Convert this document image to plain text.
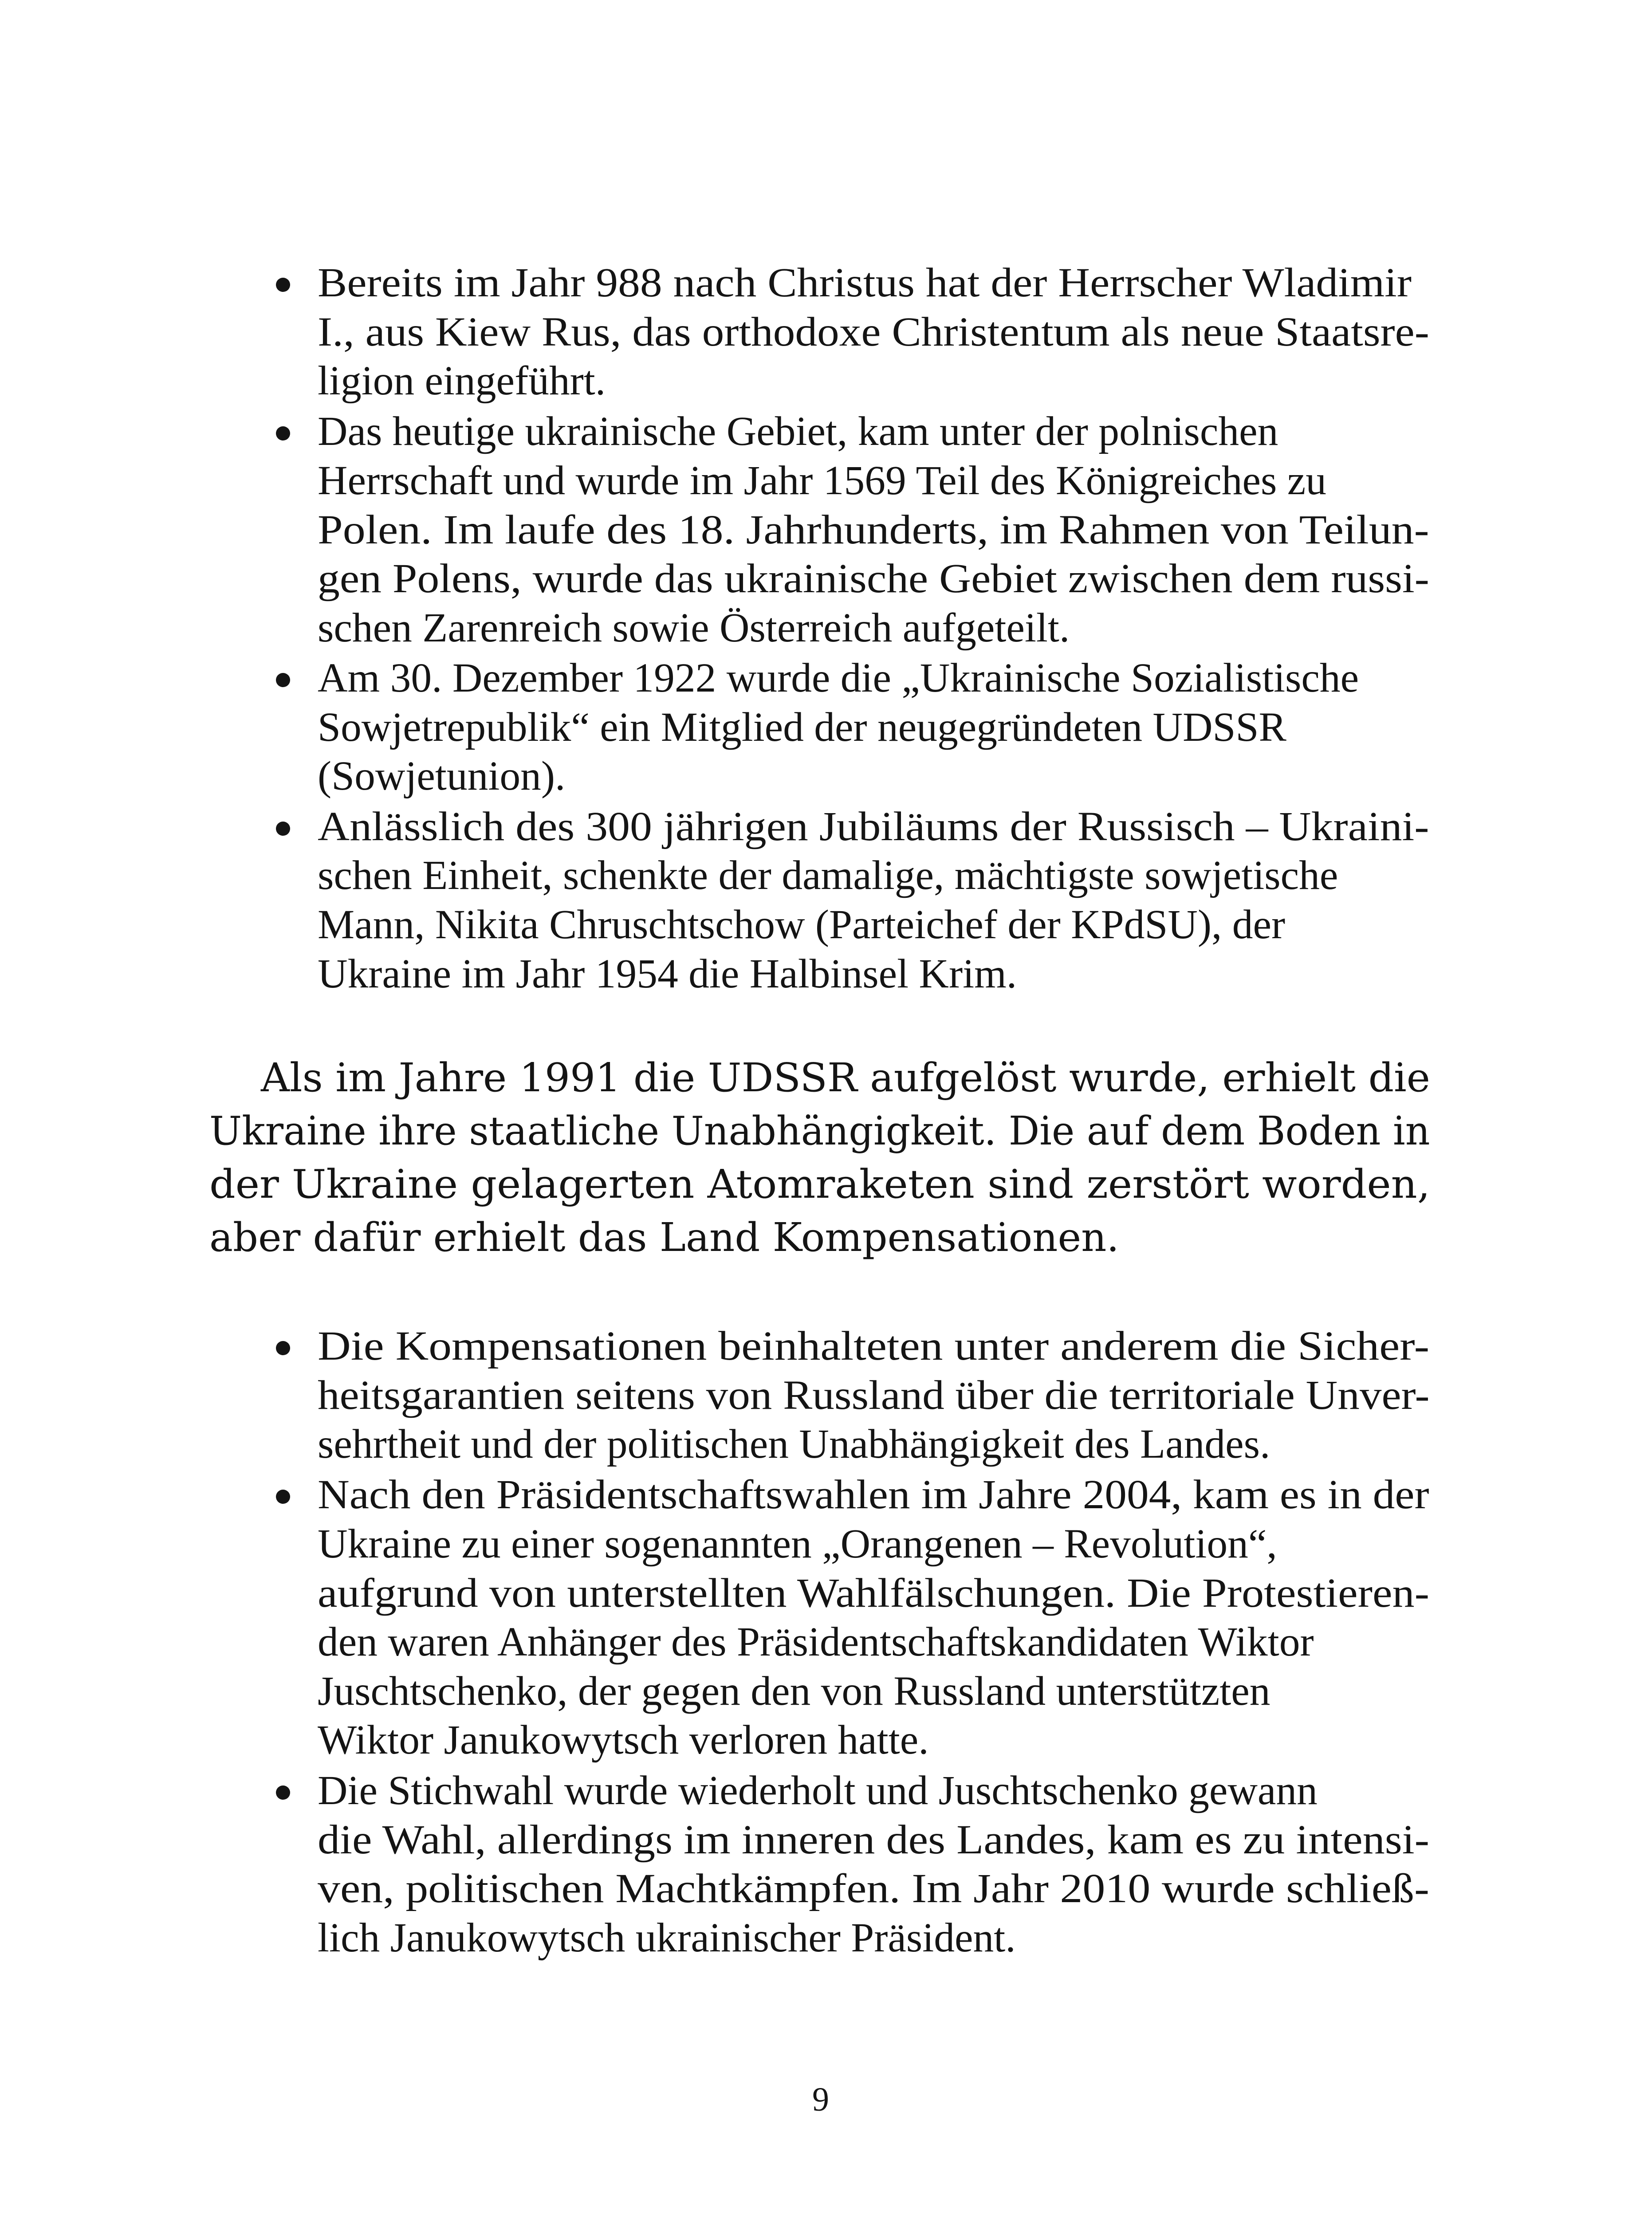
Bereits im Jahr 988 nach Christus hat der Herrscher Wladimir
I., aus Kiew Rus, das orthodoxe Christentum als neue Staatsre-
ligion eingeführt.
Das heutige ukrainische Gebiet, kam unter der polnischen
Herrschaft und wurde im Jahr 1569 Teil des Königreiches zu
Polen. Im laufe des 18. Jahrhunderts, im Rahmen von Teilun-
gen Polens, wurde das ukrainische Gebiet zwischen dem russi-
schen Zarenreich sowie Österreich aufgeteilt.
Am 30. Dezember 1922 wurde die „Ukrainische Sozialistische
Sowjetrepublik“ ein Mitglied der neugegründeten UDSSR
(Sowjetunion).
Anlässlich des 300 jährigen Jubiläums der Russisch – Ukraini-
schen Einheit, schenkte der damalige, mächtigste sowjetische
Mann, Nikita Chruschtschow (Parteichef der KPdSU), der
Ukraine im Jahr 1954 die Halbinsel Krim.
Als im Jahre 1991 die UDSSR aufgelöst wurde, erhielt die
Ukraine ihre staatliche Unabhängigkeit. Die auf dem Boden in
der Ukraine gelagerten Atomraketen sind zerstört worden,
aber dafür erhielt das Land Kompensationen.
Die Kompensationen beinhalteten unter anderem die Sicher-
heitsgarantien seitens von Russland über die territoriale Unver-
sehrtheit und der politischen Unabhängigkeit des Landes.
Nach den Präsidentschaftswahlen im Jahre 2004, kam es in der
Ukraine zu einer sogenannten „Orangenen – Revolution“,
aufgrund von unterstellten Wahlfälschungen. Die Protestieren-
den waren Anhänger des Präsidentschaftskandidaten Wiktor
Juschtschenko, der gegen den von Russland unterstützten
Wiktor Janukowytsch verloren hatte.
Die Stichwahl wurde wiederholt und Juschtschenko gewann
die Wahl, allerdings im inneren des Landes, kam es zu intensi-
ven, politischen Machtkämpfen. Im Jahr 2010 wurde schließ-
lich Janukowytsch ukrainischer Präsident.
9
